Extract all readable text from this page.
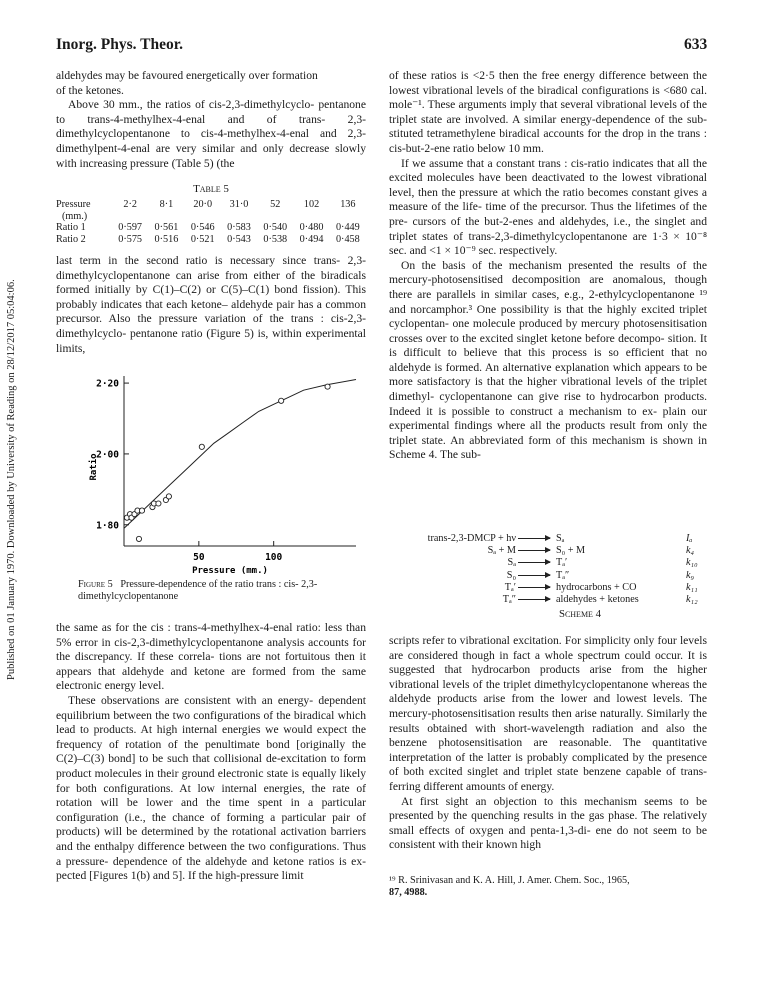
Published on 01 January 1970. Downloaded by University of Reading on 28/12/2017 05:04:06.
Inorg. Phys. Theor.	633

aldehydes may be favoured energetically over formation

of the ketones.

Above 30 mm., the ratios of cis-2,3-dimethylcyclo- pentanone to trans-4-methylhex-4-enal and of trans- 2,3-dimethylcyclopentanone to cis-4-methylhex-4-enal and 2,3-dimethylpent-4-enal are very similar and only decrease slowly with increasing pressure (Table 5) (the

Table 5
Pressure	2·2	8·1	20·0	31·0	52	102	136
(mm.)							
Ratio 1	0·597	0·561	0·546	0·583	0·540	0·480	0·449
Ratio 2	0·575	0·516	0·521	0·543	0·538	0·494	0·458

last term in the second ratio is necessary since trans- 2,3-dimethylcyclopentanone can arise from either of the biradicals formed initially by C(1)–C(2) or C(5)–C(1) bond fission). This probably indicates that each ketone– aldehyde pair has a common precursor. Also the pressure variation of the trans : cis-2,3-dimethylcyclo- pentanone ratio (Figure 5) is, within experimental limits,

1·80
2·00
2·20
50	100
Pressure (mm.)
Ratio
Figure 5 Pressure-dependence of the ratio trans : cis- 2,3-dimethylcyclopentanone

the same as for the cis : trans-4-methylhex-4-enal ratio: less than 5% error in cis-2,3-dimethylcyclopentanone analysis accounts for the discrepancy. If these correla- tions are not fortuitous then it appears that aldehyde and ketone are formed from the same electronic energy level.

These observations are consistent with an energy- dependent equilibrium between the two configurations of the biradical which lead to products. At high internal energies we would expect the frequency of rotation of the penultimate bond [originally the C(2)–C(3) bond] to be such that collisional de-excitation to form product molecules in their ground electronic state is equally likely for both configurations. At low internal energies, the rate of rotation will be lower and the time spent in a particular configuration (i.e., the chance of forming a particular pair of products) will be determined by the rotational activation barriers and the enthalpy difference between the two configurations. Thus a pressure- dependence of the aldehyde and ketone ratios is ex- pected [Figures 1(b) and 5]. If the high-pressure limit

of these ratios is <2·5 then the free energy difference between the lowest vibrational levels of the biradical configurations is <680 cal. mole⁻¹. These arguments imply that several vibrational levels of the triplet state are involved. A similar energy-dependence of the sub- stituted tetramethylene biradical accounts for the drop in the trans : cis-but-2-ene ratio below 10 mm.

If we assume that a constant trans : cis-ratio indicates that all the excited molecules have been deactivated to the lowest vibrational level, then the pressure at which the ratio becomes constant gives a measure of the life- time of the precursor. Thus the lifetimes of the pre- cursors of the but-2-enes and aldehydes, i.e., the singlet and triplet states of trans-2,3-dimethylcyclopentanone are 1·3 × 10⁻⁸ sec. and <1 × 10⁻⁹ sec. respectively.

On the basis of the mechanism presented the results of the mercury-photosensitised decomposition are anomalous, though there are parallels in similar cases, e.g., 2-ethylcyclopentanone ¹⁹ and norcamphor.³ One possibility is that the highly excited triplet cyclopentan- one molecule produced by mercury photosensitisation crosses over to the excited singlet ketone before decompo- sition. It is difficult to believe that this process is so efficient that no aldehyde is formed. An alternative explanation which appears to be more satisfactory is that the higher vibrational levels of the triplet dimethyl- cyclopentanone can give rise to hydrocarbon products. Indeed it is possible to construct a mechanism to ex- plain our experimental findings where all the products result from only the triplet state. An abbreviated form of this mechanism is shown in Scheme 4. The sub-

trans-2,3-DMCP + hν	Sₐ	Iₐ
Sₐ + M	S₀ + M	k₄
Sₐ	Tₐ′	k₁₀
S₀	Tₐ″	k₉
Tₐ′	hydrocarbons + CO	k₁₁
Tₐ″	aldehydes + ketones	k₁₂
Scheme 4

scripts refer to vibrational excitation. For simplicity only four levels are considered though in fact a whole spectrum could occur. It is suggested that hydrocarbon products arise from the higher vibrational levels of the triplet dimethylcyclopentanone whereas the aldehyde products arise from the lower and lowest levels. The mercury-photosensitisation results then arise naturally. Similarly the results obtained with short-wavelength radiation and also the benzene photosensitisation are reasonable. The quantitative interpretation of the latter is probably complicated by the presence of both excited singlet and triplet state benzene capable of trans- ferring different amounts of energy.

At first sight an objection to this mechanism seems to be presented by the quenching results in the gas phase. The relatively small effects of oxygen and penta-1,3-di- ene do not seem to be consistent with their known high

¹⁹ R. Srinivasan and K. A. Hill, J. Amer. Chem. Soc., 1965,
87, 4988.
